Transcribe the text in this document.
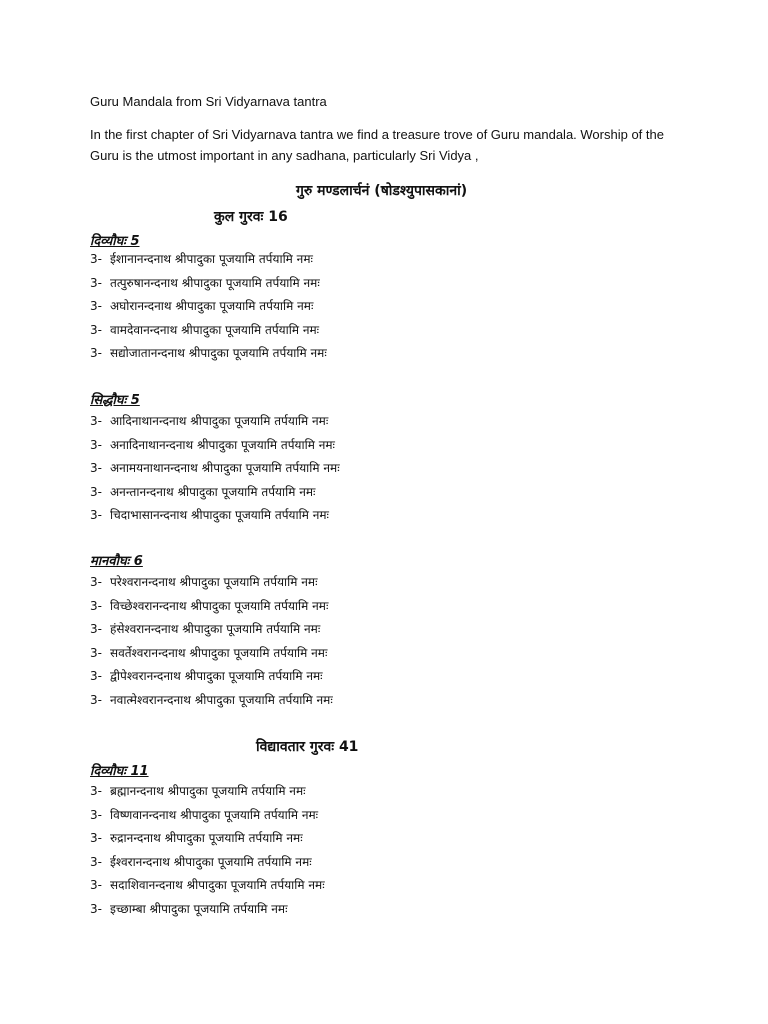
Guru Mandala from Sri Vidyarnava tantra
In the first chapter of Sri Vidyarnava tantra we find a treasure trove of Guru mandala. Worship of the Guru is the utmost important in any sadhana, particularly Sri Vidya ,
गुरु मण्डलार्चनं (षोडश्युपासकानां)
कुल गुरवः 16
दिव्यौघः 5
3- ईशानानन्दनाथ श्रीपादुका पूजयामि तर्पयामि नमः
3- तत्पुरुषानन्दनाथ श्रीपादुका पूजयामि तर्पयामि नमः
3- अघोरानन्दनाथ श्रीपादुका पूजयामि तर्पयामि नमः
3- वामदेवानन्दनाथ श्रीपादुका पूजयामि तर्पयामि नमः
3- सद्योजातानन्दनाथ श्रीपादुका पूजयामि तर्पयामि नमः
सिद्धौघः 5
3- आदिनाथानन्दनाथ श्रीपादुका पूजयामि तर्पयामि नमः
3- अनादिनाथानन्दनाथ श्रीपादुका पूजयामि तर्पयामि नमः
3- अनामयनाथानन्दनाथ श्रीपादुका पूजयामि तर्पयामि नमः
3- अनन्तानन्दनाथ श्रीपादुका पूजयामि तर्पयामि नमः
3- चिदाभासानन्दनाथ श्रीपादुका पूजयामि तर्पयामि नमः
मानवौघः 6
3- परेश्वरानन्दनाथ श्रीपादुका पूजयामि तर्पयामि नमः
3- विच्छेश्वरानन्दनाथ श्रीपादुका पूजयामि तर्पयामि नमः
3- हंसेश्वरानन्दनाथ श्रीपादुका पूजयामि तर्पयामि नमः
3- सवर्तेश्वरानन्दनाथ श्रीपादुका पूजयामि तर्पयामि नमः
3- द्वीपेश्वरानन्दनाथ श्रीपादुका पूजयामि तर्पयामि नमः
3- नवात्मेश्वरानन्दनाथ श्रीपादुका पूजयामि तर्पयामि नमः
विद्यावतार गुरवः 41
दिव्यौघः 11
3- ब्रह्मानन्दनाथ श्रीपादुका पूजयामि तर्पयामि नमः
3- विष्णवानन्दनाथ श्रीपादुका पूजयामि तर्पयामि नमः
3- रुद्रानन्दनाथ श्रीपादुका पूजयामि तर्पयामि नमः
3- ईश्वरानन्दनाथ श्रीपादुका पूजयामि तर्पयामि नमः
3- सदाशिवानन्दनाथ श्रीपादुका पूजयामि तर्पयामि नमः
3- इच्छाम्बा श्रीपादुका पूजयामि तर्पयामि नमः
